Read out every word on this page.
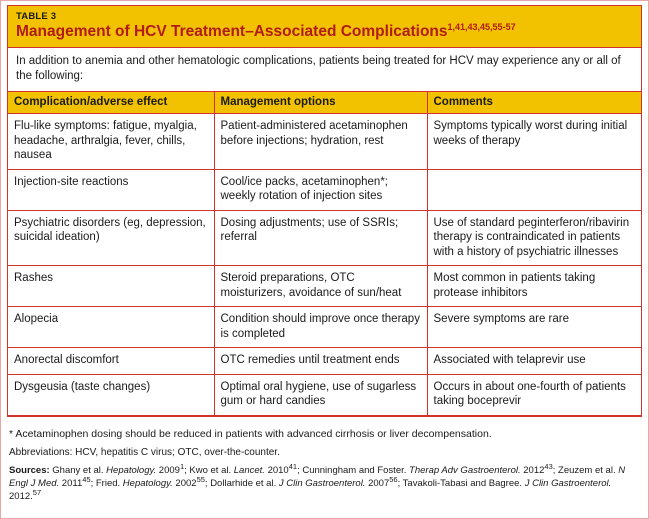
TABLE 3
Management of HCV Treatment–Associated Complications$^{1,41,43,45,55-57}$
In addition to anemia and other hematologic complications, patients being treated for HCV may experience any or all of the following:
Complication/adverse effect	Management options	Comments
Flu-like symptoms: fatigue, myalgia, headache, arthralgia, fever, chills, nausea	Patient-administered acetaminophen before injections; hydration, rest	Symptoms typically worst during initial weeks of therapy
Injection-site reactions	Cool/ice packs, acetaminophen*; weekly rotation of injection sites	
Psychiatric disorders (eg, depression, suicidal ideation)	Dosing adjustments; use of SSRIs; referral	Use of standard peginterferon/ribavirin therapy is contraindicated in patients with a history of psychiatric illnesses
Rashes	Steroid preparations, OTC moisturizers, avoidance of sun/heat	Most common in patients taking protease inhibitors
Alopecia	Condition should improve once therapy is completed	Severe symptoms are rare
Anorectal discomfort	OTC remedies until treatment ends	Associated with telaprevir use
Dysgeusia (taste changes)	Optimal oral hygiene, use of sugarless gum or hard candies	Occurs in about one-fourth of patients taking boceprevir
* Acetaminophen dosing should be reduced in patients with advanced cirrhosis or liver decompensation.
Abbreviations: HCV, hepatitis C virus; OTC, over-the-counter.
Sources: Ghany et al. Hepatology. 2009$^1$; Kwo et al. Lancet. 2010$^{41}$; Cunningham and Foster. Therap Adv Gastroenterol. 2012$^{43}$; Zeuzem et al. N Engl J Med. 2011$^{45}$; Fried. Hepatology. 2002$^{55}$; Dollarhide et al. J Clin Gastroenterol. 2007$^{56}$; Tavakoli-Tabasi and Bagree. J Clin Gastroenterol. 2012.57
